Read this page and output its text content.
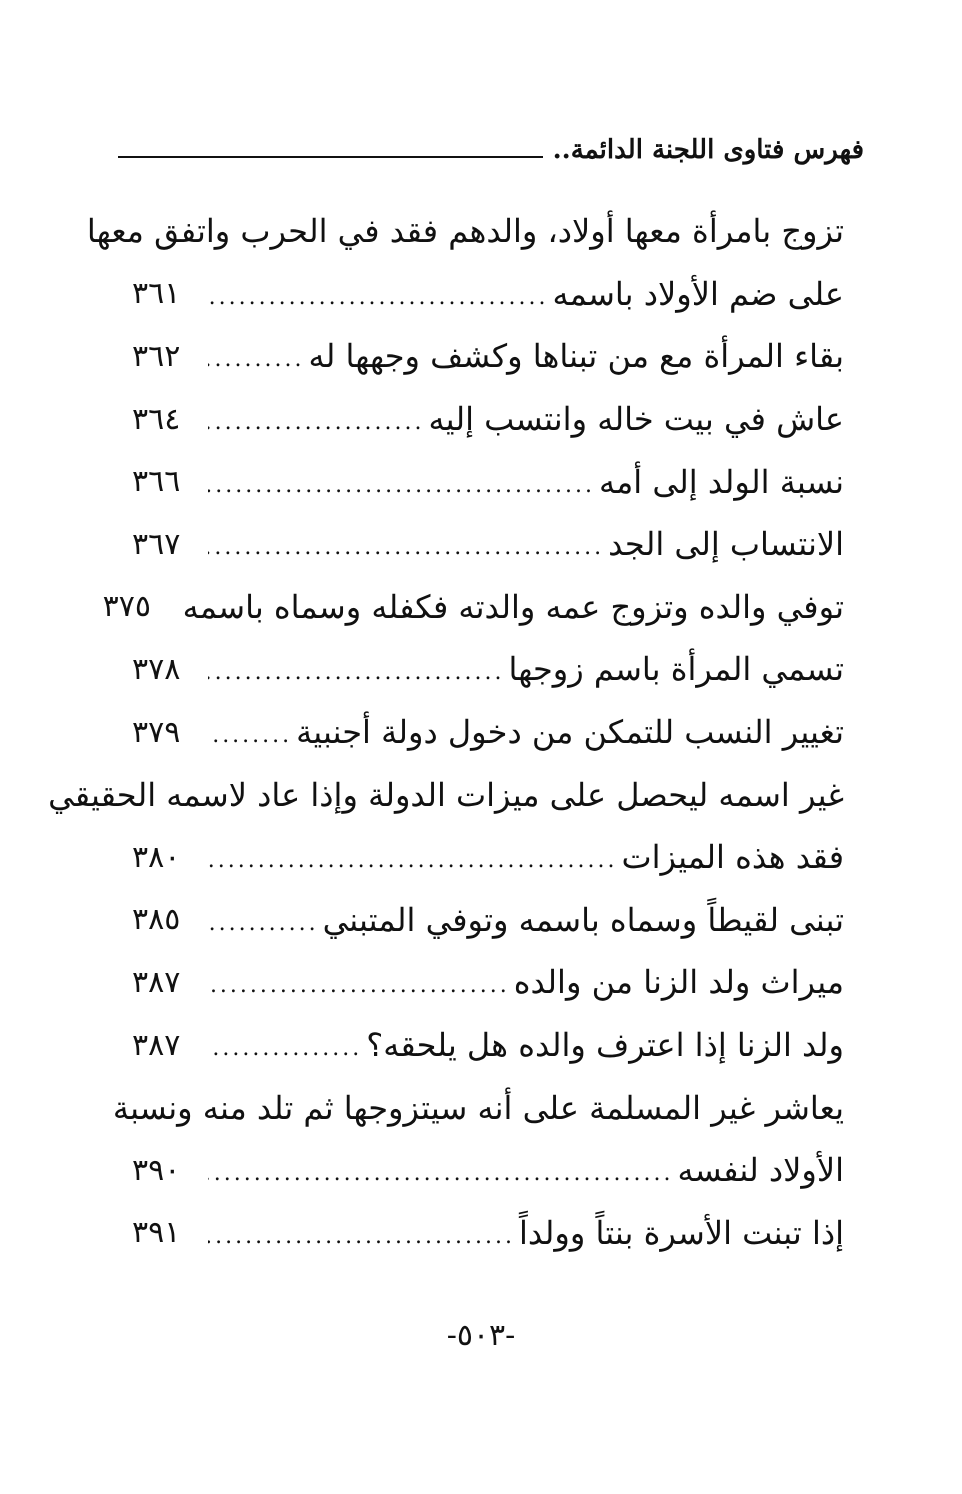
فهرس فتاوى اللجنة الدائمة..
تزوج بامرأة معها أولاد، والدهم فقد في الحرب واتفق معها
على ضم الأولاد باسمه
.....
٣٦١
بقاء المرأة مع من تبناها وكشف وجهها له
.....
٣٦٢
عاش في بيت خاله وانتسب إليه
.....
٣٦٤
نسبة الولد إلى أمه
.....
٣٦٦
الانتساب إلى الجد
.....
٣٦٧
توفي والده وتزوج عمه والدته فكفله وسماه باسمه
٣٧٥
تسمي المرأة باسم زوجها
.....
٣٧٨
تغيير النسب للتمكن من دخول دولة أجنبية
.....
٣٧٩
غير اسمه ليحصل على ميزات الدولة وإذا عاد لاسمه الحقيقي
فقد هذه الميزات
.....
٣٨٠
تبنى لقيطاً وسماه باسمه وتوفي المتبني
.....
٣٨٥
ميراث ولد الزنا من والده
.....
٣٨٧
ولد الزنا إذا اعترف والده هل يلحقه؟
.....
٣٨٧
يعاشر غير المسلمة على أنه سيتزوجها ثم تلد منه ونسبة
الأولاد لنفسه
.....
٣٩٠
إذا تبنت الأسرة بنتاً وولداً
.....
٣٩١
-٥٠٣-
